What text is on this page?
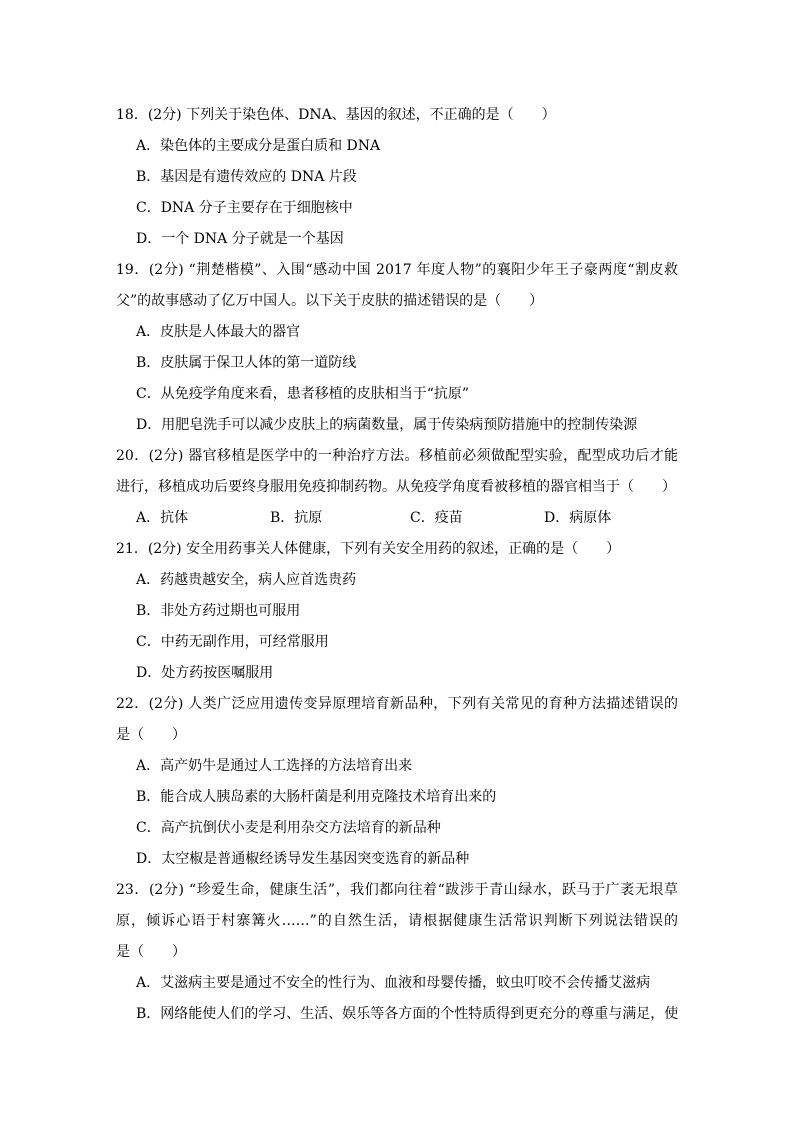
18．(2分) 下列关于染色体、DNA、基因的叙述，不正确的是（　　）
A．染色体的主要成分是蛋白质和 DNA
B．基因是有遗传效应的 DNA 片段
C．DNA 分子主要存在于细胞核中
D．一个 DNA 分子就是一个基因
19．(2分) “荆楚楷模”、入围“感动中国 2017 年度人物”的襄阳少年王子豪两度“割皮救
父”的故事感动了亿万中国人。以下关于皮肤的描述错误的是（　　）
A．皮肤是人体最大的器官
B．皮肤属于保卫人体的第一道防线
C．从免疫学角度来看，患者移植的皮肤相当于“抗原”
D．用肥皂洗手可以减少皮肤上的病菌数量，属于传染病预防措施中的控制传染源
20．(2分) 器官移植是医学中的一种治疗方法。移植前必须做配型实验，配型成功后才能
进行，移植成功后要终身服用免疫抑制药物。从免疫学角度看被移植的器官相当于（　　）
A．抗体	B．抗原	C．疫苗	D．病原体
21．(2分) 安全用药事关人体健康，下列有关安全用药的叙述，正确的是（　　）
A．药越贵越安全，病人应首选贵药
B．非处方药过期也可服用
C．中药无副作用，可经常服用
D．处方药按医嘱服用
22．(2分) 人类广泛应用遗传变异原理培育新品种，下列有关常见的育种方法描述错误的
是（　　）
A．高产奶牛是通过人工选择的方法培育出来
B．能合成人胰岛素的大肠杆菌是利用克隆技术培育出来的
C．高产抗倒伏小麦是利用杂交方法培育的新品种
D．太空椒是普通椒经诱导发生基因突变选育的新品种
23．(2分) “珍爱生命，健康生活”，我们都向往着“跋涉于青山绿水，跃马于广袤无垠草
原，倾诉心语于村寨篝火……”的自然生活，请根据健康生活常识判断下列说法错误的
是（　　）
A．艾滋病主要是通过不安全的性行为、血液和母婴传播，蚊虫叮咬不会传播艾滋病
B．网络能使人们的学习、生活、娱乐等各方面的个性特质得到更充分的尊重与满足，使
